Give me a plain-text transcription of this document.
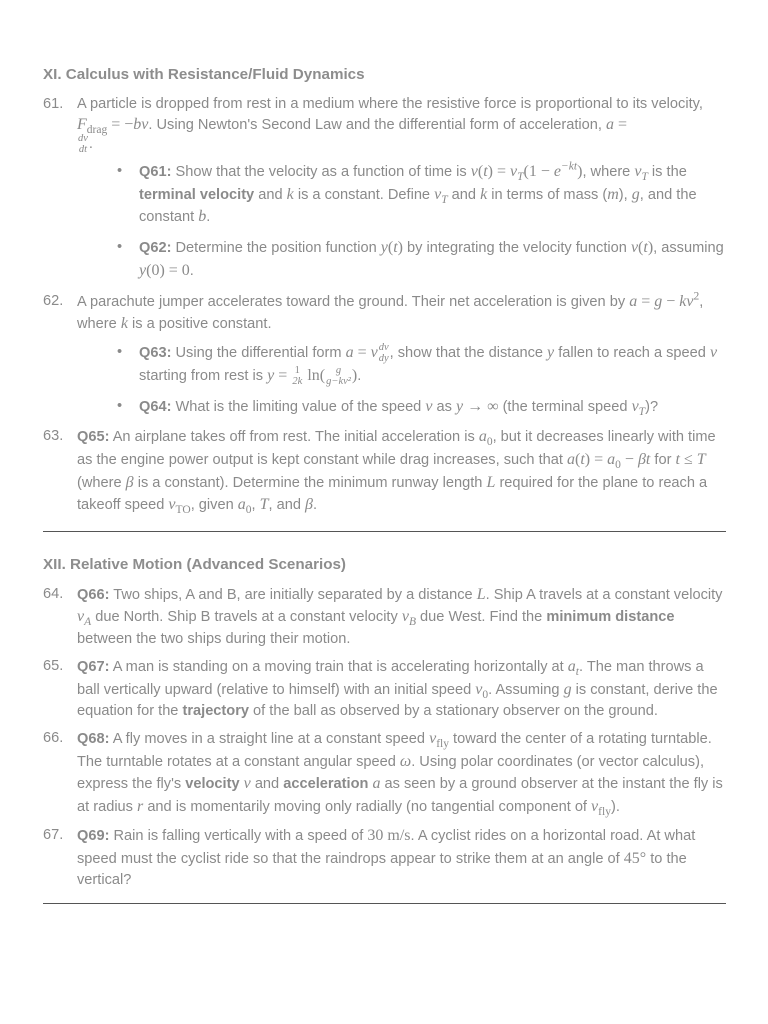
XI. Calculus with Resistance/Fluid Dynamics
61. A particle is dropped from rest in a medium where the resistive force is proportional to its velocity, $F_{drag} = -bv$. Using Newton's Second Law and the differential form of acceleration, a =
dv
dt .
• Q61: Show that the velocity as a function of time is $v(t) = v_T(1 - e^{-kt})$, where $v_T$ is the terminal velocity and k is a constant. Define $v_T$ and k in terms of mass (m), g, and the constant b.
• Q62: Determine the position function y(t) by integrating the velocity function v(t), assuming y(0) = 0.
62. A parachute jumper accelerates toward the ground. Their net acceleration is given by $a = g - kv^2$, where k is a positive constant.
• Q63: Using the differential form a = v dv
dy , show that the distance y fallen to reach a speed v
starting from rest is y = 1
2k ln(	g
g−kv² ).
• Q64: What is the limiting value of the speed v as y → ∞ (the terminal speed $v_T$)?
63. Q65: An airplane takes off from rest. The initial acceleration is $a_0$, but it decreases linearly with time as the engine power output is kept constant while drag increases, such that $a(t) = a_0 - \beta t$ for t ≤ T (where β is a constant). Determine the minimum runway length L required for the plane to reach a takeoff speed $v_{TO}$, given $a_0$, T, and β.
XII. Relative Motion (Advanced Scenarios)
64. Q66: Two ships, A and B, are initially separated by a distance L. Ship A travels at a constant velocity $v_A$ due North. Ship B travels at a constant velocity $v_B$ due West. Find the minimum distance between the two ships during their motion.
65. Q67: A man is standing on a moving train that is accelerating horizontally at $a_t$. The man throws a ball vertically upward (relative to himself) with an initial speed $v_0$. Assuming g is constant, derive the equation for the trajectory of the ball as observed by a stationary observer on the ground.
66. Q68: A fly moves in a straight line at a constant speed $v_{fly}$ toward the center of a rotating turntable. The turntable rotates at a constant angular speed ω. Using polar coordinates (or vector calculus), express the fly's velocity v and acceleration a as seen by a ground observer at the instant the fly is at radius r and is momentarily moving only radially (no tangential component of $v_{fly}$).
67. Q69: Rain is falling vertically with a speed of 30 m/s. A cyclist rides on a horizontal road. At what speed must the cyclist ride so that the raindrops appear to strike them at an angle of 45° to the vertical?
